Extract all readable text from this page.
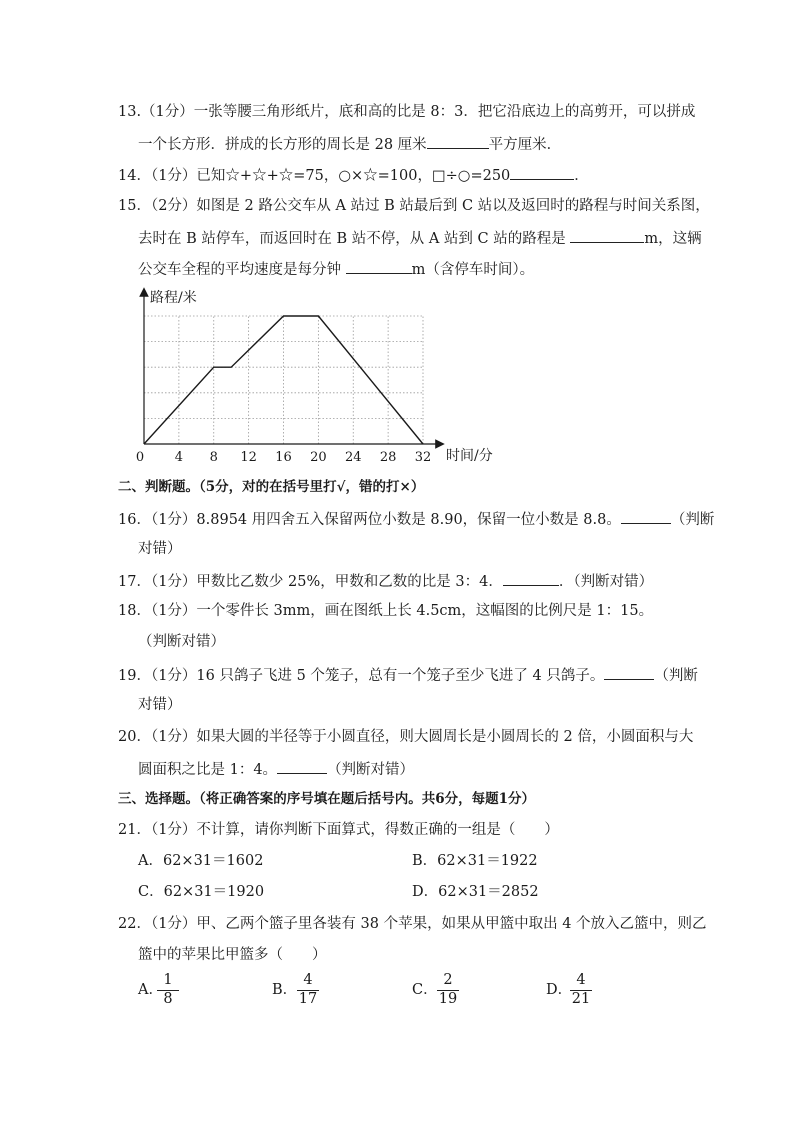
13.（1分）一张等腰三角形纸片，底和高的比是 8：3．把它沿底边上的高剪开，可以拼成
一个长方形．拼成的长方形的周长是 28 厘米	平方厘米．
14．（1分）已知☆+☆+☆=75，○×☆=100，□÷○=250	．
15．（2分）如图是 2 路公交车从 A 站过 B 站最后到 C 站以及返回时的路程与时间关系图，
去时在 B 站停车，而返回时在 B 站不停，从 A 站到 C 站的路程是	m，这辆
公交车全程的平均速度是每分钟	m（含停车时间）。
路程/米
时间/分
0 4 8 12 16 20 24 28 32
二、判断题。（5分，对的在括号里打√，错的打×）
16．（1分）8.8954 用四舍五入保留两位小数是 8.90，保留一位小数是 8.8。	（判断
对错）
17．（1分）甲数比乙数少 25%，甲数和乙数的比是 3：4．	．（判断对错）
18．（1分）一个零件长 3mm，画在图纸上长 4.5cm，这幅图的比例尺是 1：15。
（判断对错）
19．（1分）16 只鸽子飞进 5 个笼子，总有一个笼子至少飞进了 4 只鸽子。	（判断
对错）
20．（1分）如果大圆的半径等于小圆直径，则大圆周长是小圆周长的 2 倍，小圆面积与大
圆面积之比是 1：4。	（判断对错）
三、选择题。（将正确答案的序号填在题后括号内。共6分，每题1分）
21．（1分）不计算，请你判断下面算式，得数正确的一组是（　　）
A．62×31＝1602	B．62×31＝1922
C．62×31＝1920	D．62×31＝2852
22．（1分）甲、乙两个篮子里各装有 38 个苹果，如果从甲篮中取出 4 个放入乙篮中，则乙
篮中的苹果比甲篮多（　　）
A．
1
8
B．
4
17
C．
2
19
D．
4
21
